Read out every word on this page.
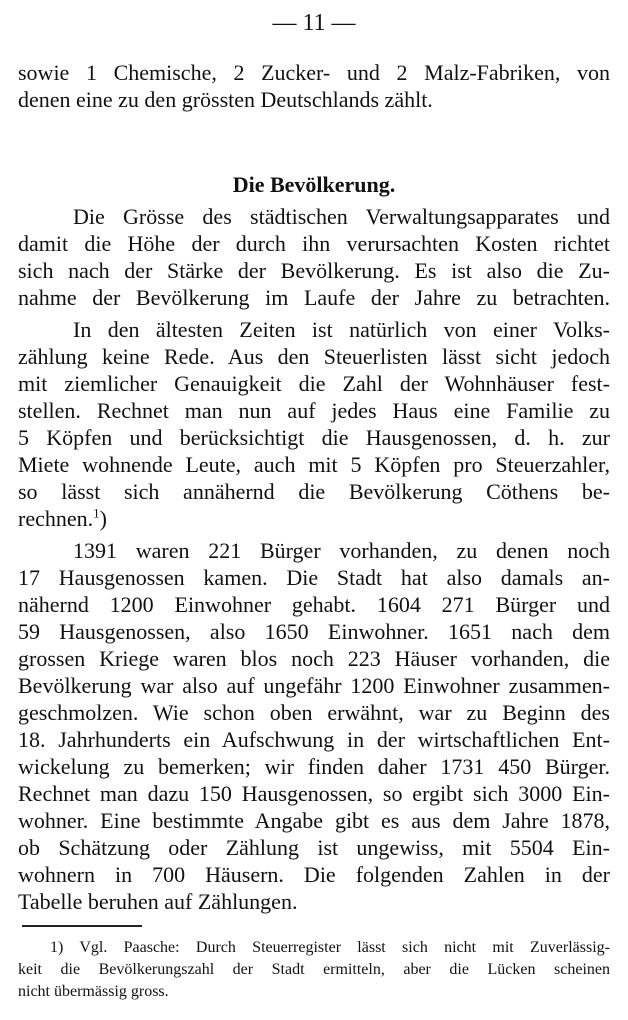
— 11 —
sowie 1 Chemische, 2 Zucker- und 2 Malz-Fabriken, von
denen eine zu den grössten Deutschlands zählt.
Die Bevölkerung.
Die Grösse des städtischen Verwaltungsapparates und
damit die Höhe der durch ihn verursachten Kosten richtet
sich nach der Stärke der Bevölkerung. Es ist also die Zu-
nahme der Bevölkerung im Laufe der Jahre zu betrachten.
In den ältesten Zeiten ist natürlich von einer Volks-
zählung keine Rede. Aus den Steuerlisten lässt sicht jedoch
mit ziemlicher Genauigkeit die Zahl der Wohnhäuser fest-
stellen. Rechnet man nun auf jedes Haus eine Familie zu
5 Köpfen und berücksichtigt die Hausgenossen, d. h. zur
Miete wohnende Leute, auch mit 5 Köpfen pro Steuerzahler,
so lässt sich annähernd die Bevölkerung Cöthens be-
rechnen.$^1$)
1391 waren 221 Bürger vorhanden, zu denen noch
17 Hausgenossen kamen. Die Stadt hat also damals an-
nähernd 1200 Einwohner gehabt. 1604 271 Bürger und
59 Hausgenossen, also 1650 Einwohner. 1651 nach dem
grossen Kriege waren blos noch 223 Häuser vorhanden, die
Bevölkerung war also auf ungefähr 1200 Einwohner zusammen-
geschmolzen. Wie schon oben erwähnt, war zu Beginn des
18. Jahrhunderts ein Aufschwung in der wirtschaftlichen Ent-
wickelung zu bemerken; wir finden daher 1731 450 Bürger.
Rechnet man dazu 150 Hausgenossen, so ergibt sich 3000 Ein-
wohner. Eine bestimmte Angabe gibt es aus dem Jahre 1878,
ob Schätzung oder Zählung ist ungewiss, mit 5504 Ein-
wohnern in 700 Häusern. Die folgenden Zahlen in der
Tabelle beruhen auf Zählungen.
1) Vgl. Paasche: Durch Steuerregister lässt sich nicht mit Zuverlässig-
keit die Bevölkerungszahl der Stadt ermitteln, aber die Lücken scheinen
nicht übermässig gross.
